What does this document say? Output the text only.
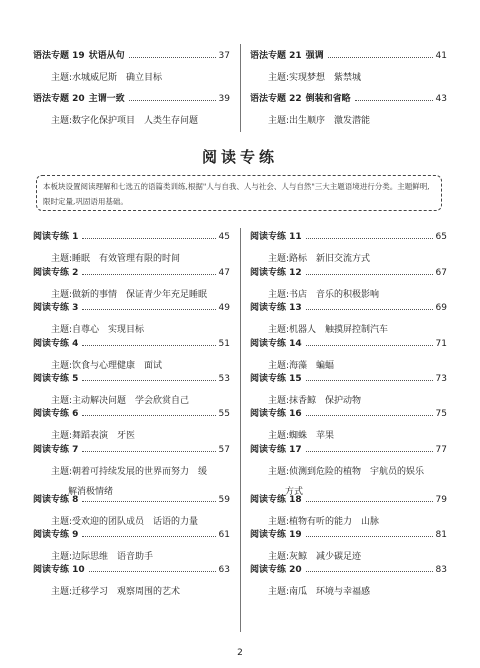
语法专题 19 状语从句	37
主题:水城威尼斯　确立目标
语法专题 20 主谓一致	39
主题:数字化保护项目　人类生存问题
语法专题 21 强调	41
主题:实现梦想　紫禁城
语法专题 22 倒装和省略	43
主题:出生顺序　激发潜能
阅读专练
本板块设置阅读理解和七选五的语篇类训练,根据"人与自我、人与社会、人与自然"三大主题语境进行分类。主题鲜明,限时定量,巩固语用基础。
阅读专练 1	45
主题:睡眠　有效管理有限的时间
阅读专练 2	47
主题:做新的事情　保证青少年充足睡眠
阅读专练 3	49
主题:自尊心　实现目标
阅读专练 4	51
主题:饮食与心理健康　面试
阅读专练 5	53
主题:主动解决问题　学会欣赏自己
阅读专练 6	55
主题:舞蹈表演　牙医
阅读专练 7	57
主题:朝着可持续发展的世界而努力　缓
解消极情绪
阅读专练 8	59
主题:受欢迎的团队成员　话语的力量
阅读专练 9	61
主题:边际思维　语音助手
阅读专练 10	63
主题:迁移学习　观察周围的艺术
阅读专练 11	65
主题:路标　新旧交流方式
阅读专练 12	67
主题:书店　音乐的积极影响
阅读专练 13	69
主题:机器人　触摸屏控制汽车
阅读专练 14	71
主题:海藻　蝙蝠
阅读专练 15	73
主题:抹香鲸　保护动物
阅读专练 16	75
主题:蜘蛛　苹果
阅读专练 17	77
主题:侦测到危险的植物　宇航员的娱乐
方式
阅读专练 18	79
主题:植物有听的能力　山脉
阅读专练 19	81
主题:灰鲸　减少碳足迹
阅读专练 20	83
主题:南瓜　环境与幸福感
2
